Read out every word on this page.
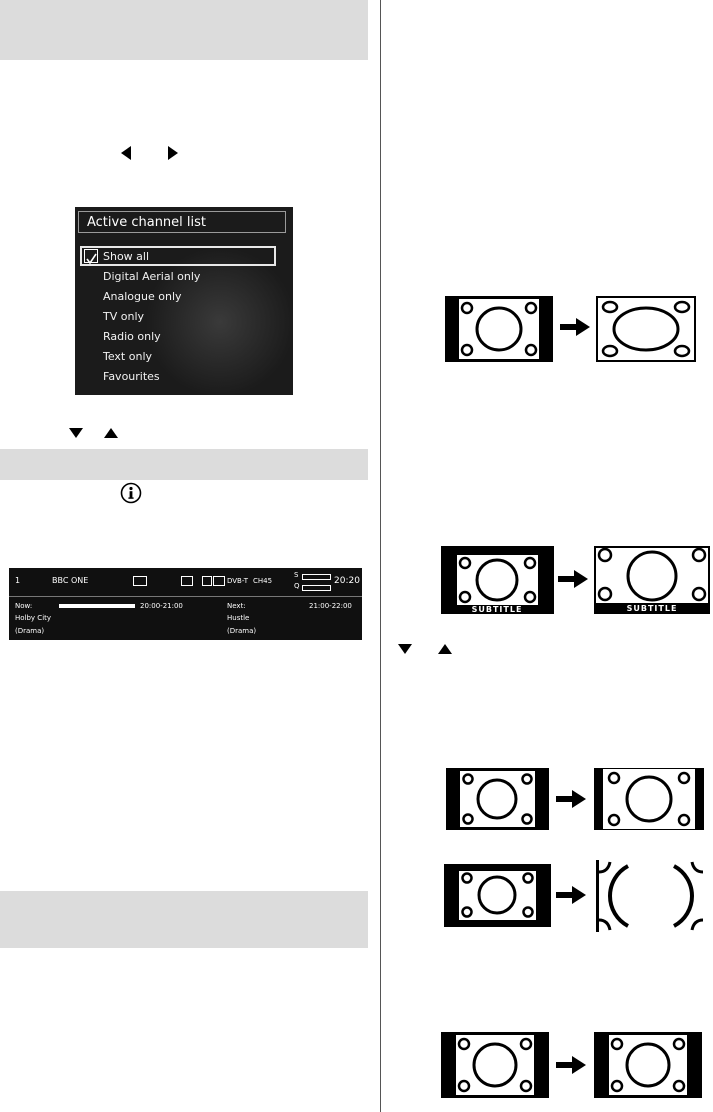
Active channel list
Show all
Digital Aerial only
Analogue only
TV only
Radio only
Text only
Favourites
1	BBC ONE	DVB-T CH45
S
Q	20:20
Now:	20:00-21:00
Holby City
(Drama)
Next:	21:00-22:00
Hustle
(Drama)
SUBTITLE	SUBTITLE
